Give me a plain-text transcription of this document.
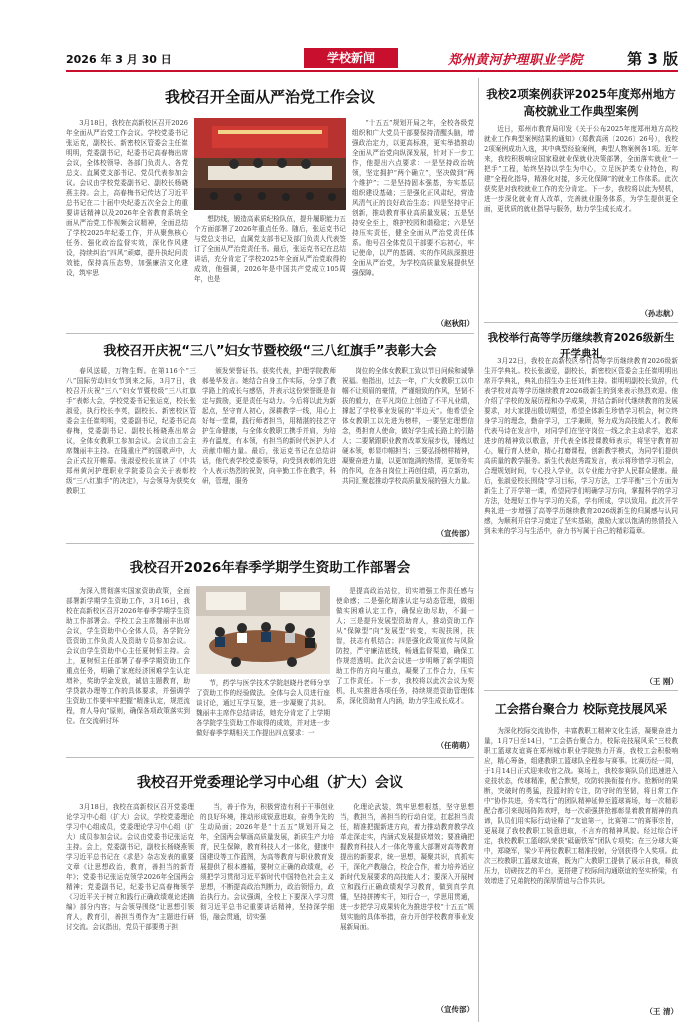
2026 年 3 月 30 日	学校新闻	郑州黄河护理职业学院	第 3 版
我校召开全面从严治党工作会议

3月18日，我校在高新校区召开2026年全面从严治党工作会议。学校党委书记张运克，副校长、新密校区管委会主任崔明明，党委副书记，纪委书记高春梅出席会议，全体校领导、各部门负责人、各党总支、直属党支部书记、党员代表参加会议。会议由学校党委副书记、副校长杨晓燕主持。会上，高春梅书记传达了习近平总书记在二十届中央纪委五次全会上的重要讲话精神以及2026年全省教育系统全面从严治党工作视频会议精神，全面总结了学校2025年纪委工作，并从聚焦核心任务、强化政治监督实效，深化作风建设，持续纠治“四风”顽瘴，提升执纪问责效能，保持高压态势，加强廉洁文化建设，筑牢思

想防线，锻造高素质纪检队伍，提升履职能力五个方面部署了2026年重点任务。随后，张运克书记与党总支书记，直属党支部书记及部门负责人代表签订了全面从严治党责任书。最后，张运克书记在总结讲话，充分肯定了学校2025年全面从严治党取得的成效，他强调，2026年是中国共产党成立105周年，也是

“十五五”规划开局之年，全校各级党组织和广大党员干部要保持清醒头脑，增强政治定力，以更高标准，更实举措推动全面从严治党向纵深发展，针对下一步工作，他提出六点要求：一是坚持政治统领，坚定拥护“两个确立”，坚决做到“两个维护”；二是坚持固本强基，夯实基层组织建设基础；三是强化正风肃纪，营造风清气正的良好政治生态；四是坚持守正创新，推动教育事业高质量发展；五是坚持安全至上，维护校园和谐稳定；六是坚持压实责任，健全全面从严治党责任体系。他号召全体党员干部要不忘初心，牢记使命，以严的基调、实的作风纵深推进全面从严治党，为学校高质量发展提供坚强保障。

（赵秋阳）
我校召开庆祝“三八”妇女节暨校级“三八红旗手”表彰大会

春风送暖，万物生辉。在第116个“三八”国际劳动妇女节到来之际，3月7日，我校召开庆祝“三八”妇女节暨校级“三八红旗手”表彰大会，学校党委书记张运克，校长张淑爱，执行校长李英，副校长、新密校区管委会主任崔明明，党委副书记，纪委书记高春梅，党委副书记、副校长杨晓燕出席会议，全体女教职工参加会议。会议由工会主席魏丽丰主持。在隆重庄严的国歌声中，大会正式拉开帷幕。张淑爱校长宣读了《中共郑州黄河护理职业学院委员会关于表彰校级“三八红旗手”的决定》，与会领导为获奖女教职工

颁发荣誉证书。获奖代表，护理学院教师郝曼华发言。她结合自身工作实际，分享了教学路上的成长与感悟，并表示这份荣誉既是肯定与鼓励，更是责任与动力。今后将以此为新起点，坚守育人初心，深耕教学一线，用心上好每一堂课，践行师者担当，用精湛的技艺守护生命健康，与全体女教职工携手并肩，为培养有温度，有本领，有担当的新时代医护人才贡献巾帼力量。最后，张运克书记在总结讲话，他代表学校党委领导，向受到表彰的先进个人表示热烈的祝贺，向辛勤工作在教学，科研，管理，服务

岗位的全体女教职工致以节日问候和诚挚祝福。他指出，过去一年，广大女教职工以巾帼不让须眉的豪情，严谨细致的作风，坚韧不拔的毅力，在平凡岗位上创造了不平凡业绩，撑起了学校事业发展的“半边天”。他希望全体女教职工以先进为榜样，一要坚定理想信念，勇担育人使命，做好学生成长路上的引路人；二要紧跟职业教育改革发展步伐，锤炼过硬本领，彰显巾帼担当；三要弘扬榜样精神，凝聚奋进力量，以更加饱满的热情，更加务实的作风，在各自岗位上再创佳绩，再立新功，共同汇聚起推动学校高质量发展的强大力量。

（宣传部）
我校召开2026年春季学期学生资助工作部署会

为深入贯彻落实国家资助政策，全面部署新学期学生资助工作，3月16日，我校在高新校区召开2026年春季学期学生资助工作部署会。学校工会主席魏丽丰出席会议，学生资助中心全体人员，各学院分管资助工作负责人及资助专员参加会议。会议由学生资助中心主任夏树恒主持。会上，夏树恒主任部署了春季学期资助工作重点任务，明确了家庭经济困难学生认定增补，奖助学金发放，诚信主题教育，助学贷款办理等工作的具体要求，并强调学生资助工作要牢牢把握“精准认定，规范流程，育人导向”原则，确保各项政策落实到位。在交流研讨环

节，药学与医学技术学院赵晓丹老师分享了资助工作的经验做法。全体与会人员进行座谈讨论，通过互学互鉴，进一步凝聚了共识。魏丽丰主席作总结讲话，她充分肯定了上学期各学院学生资助工作取得的成效，并对进一步做好春季学期相关工作提出四点要求：一

是提高政治站位，切实增强工作责任感与使命感；二是强化精准认定与动态管理，做细做实困难认定工作，确保应助尽助，不漏一人；三是提升发展型资助育人，推动资助工作从“保障型”向“发展型”转变，实现扶困，扶智，扶志有机结合；四是强化政策宣传与风险防控，严守廉洁底线，畅通监督渠道，确保工作规范透明。此次会议进一步明晰了新学期资助工作的方向与重点，凝聚了工作合力，压实了工作责任。下一步，我校将以此次会议为契机，扎实推进各项任务，持续规范资助管理体系，深化资助育人内涵，助力学生成长成才。

（任萌萌）
我校召开党委理论学习中心组（扩大）会议

3月18日，我校在高新校区召开党委理论学习中心组（扩大）会议，学校党委理论学习中心组成员，党委理论学习中心组（扩大）成员参加会议。会议由党委书记张运克主持。会上，党委副书记，副校长杨晓燕领学习近平总书记在《求是》杂志发表的重要文章《让思想政治，教育，善担当的新青年》；党委书记张运克领学2026年全国两会精神；党委副书记，纪委书记高春梅领学《习近平关于树立和践行正确政绩观论述摘编》部分内容；与会领导围绕“让思想引领育人，教育引，善担当勇作为”主题进行研讨交流。会议指出，党员干部要勇于担

当，善于作为，积极营造有利于干事创业的良好环境，推动形成锐意进取，奋勇争先的生动局面；2026年是“十五五”规划开局之年，全国两会擘画高质量发展，新质生产力培育，民生保障，教育科技人才一体化，健康中国建设等工作蓝图，为高等教育与职业教育发展提供了根本遵循，要树立正确的政绩观，必须把学习贯彻习近平新时代中国特色社会主义思想，不断提高政治判断力，政治领悟力，政治执行力。会议强调，全校上下要深入学习贯彻习近平总书记重要讲话精神，坚持深学细悟，融会贯通，切实强

化理论武装，筑牢思想根基，坚守思想当，教担当，善担当的行动自觉，扛起担当责任，精准把握新进方向，着力推动教育教学改革走深走实，内涵式发展提质增效；要准确把握教育科技人才一体化等重大部署对高等教育提出的新要求，统一思想，凝聚共识，真抓实干，深化产教融合，校企合作，着力培养适应新时代发展要求的高技能人才；要深入开展树立和践行正确政绩观学习教育，做到真学真懂，坚持拼搏实干，知行合一，学思用贯通，进一步把学习成果转化为推进学校“十五五”规划实施的具体举措，奋力开创学校教育事业发展新局面。

（宣传部）
我校2项案例获评2025年度郑州地方高校就业工作典型案例

近日，郑州市教育局印发《关于公布2025年度郑州地方高校就业工作典型案例结果的通知》（郑教高函〔2026〕26号），我校2项案例成功入选，其中典型经验案例，典型人物案例各1项。近年来，我校积极响应国家稳就业保就业决策部署，全面落实就业“一把手”工程，始终坚持以学生为中心，立足医护类专业特色，构建“全程化指导，精准化对接，多元化保障”的就业工作体系。此次获奖是对我校就业工作的充分肯定。下一步，我校将以此为契机，进一步深化就业育人改革，完善就业服务体系，为学生提供更全面，更优质的就业指导与服务，助力学生成长成才。

（孙志航）
我校举行高等学历继续教育2026级新生开学典礼

3月22日，我校在高新校区举行高等学历继续教育2026级新生开学典礼。校长张淑爱，副校长，新密校区管委会主任崔明明出席开学典礼，典礼由招生办主任刘伟主持。崔明明副校长致辞，代表学校对高等学历继续教育2026级新生的到来表示热烈欢迎。他介绍了学校的发展历程和办学成果，并结合新时代继续教育的发展要求，对大家提出殷切期望，希望全体新生珍惜学习机会，树立终身学习的理念，勤奋学习，工学兼顾，努力成为高技能人才。教师代表马诗在发言中，对同学们在坚守岗位一线之余主动求学，追求进步的精神致以敬意，并代表全体授课教师表示，将坚守教育初心，履行育人使命，精心打磨课程，创新教学模式，为同学们提供高质量的教学服务。新生代表赵秀霞发言，表示将珍惜学习机会，合理规划时间，专心投入学业，以专业能力守护人民群众健康。最后，张淑爱校长围绕“学习目标，学习方法，工学平衡”三个方面为新生上了开学第一课，希望同学们明确学习方向，掌握科学的学习方法，处理好工作与学习的关系，学有所成，学以致用。此次开学典礼进一步增强了高等学历继续教育2026级新生的归属感与认同感，为顺利开启学习奠定了坚实基础，激励大家以饱满的热情投入到未来的学习与生活中，奋力书写属于自己的精彩篇章。

（王 刚）
工会搭台聚合力 校际竞技展风采

为深化校际交流协作，丰富教职工精神文化生活，凝聚奋进力量，1月7日至14日，“工会搭台聚合力，校际竞技展风采”三校教职工篮球友谊赛在郑州城市职业学院热力开赛，我校工会积极响应，精心筹备，组建教职工篮球队全程参与赛事。比赛历经一周，于1月14日正式迎来收官之战。赛场上，我校参赛队员们迅速进入竞技状态，传球精准，配合默契，攻防转换衔接有序。抢断时的果断，突破时的勇猛，投篮时的专注，防守时的坚韧，将日常工作中“协作共进，务实笃行”的团队精神延伸至篮球赛场，每一次精彩配合都引来现场阵阵欢呼，每一次顽强拼抢都彰显着教育精神的真谛，队员们用实际行动诠释了“友谊第一，比赛第二”的赛事宗旨，更展现了我校教职工锐意进取，不言弃的精神风貌。经过综合评定，我校教职工篮球队荣获“砥砺铁军”团队专项奖；在三分球大赛中，郑晓军，梁少平两位教职工精准投射，分别获得个人奖项。此次三校教职工篮球友谊赛，既为广大教职工提供了展示自我，释放压力，切磋技艺的平台，更搭建了校际间沟通联谊的坚实桥梁，有效增进了兄弟院校的深厚情谊与合作共识。

（王 清）
